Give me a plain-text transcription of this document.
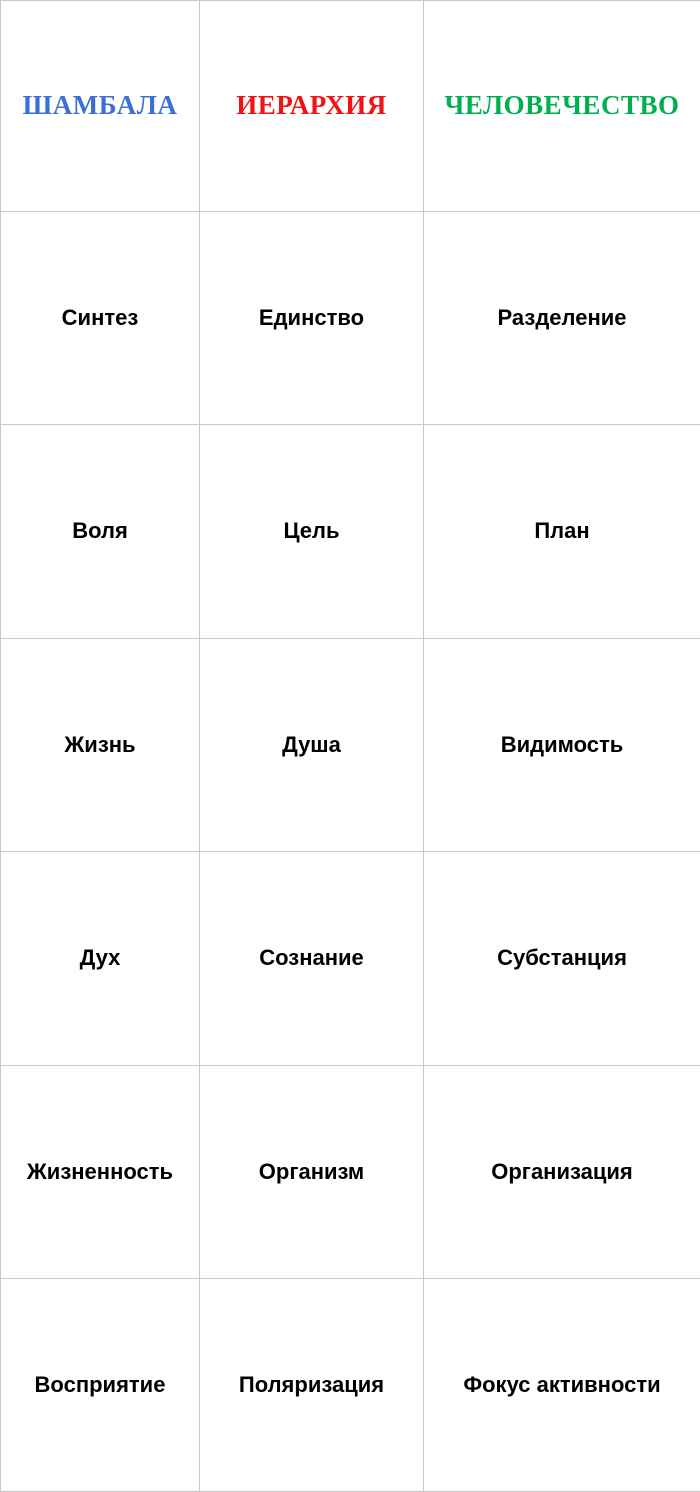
ШАМБАЛА	ИЕРАРХИЯ	ЧЕЛОВЕЧЕСТВО

Синтез	Единство	Разделение

Воля	Цель	План

Жизнь	Душа	Видимость

Дух	Сознание	Субстанция

Жизненность	Организм	Организация

Восприятие	Поляризация	Фокус активности
